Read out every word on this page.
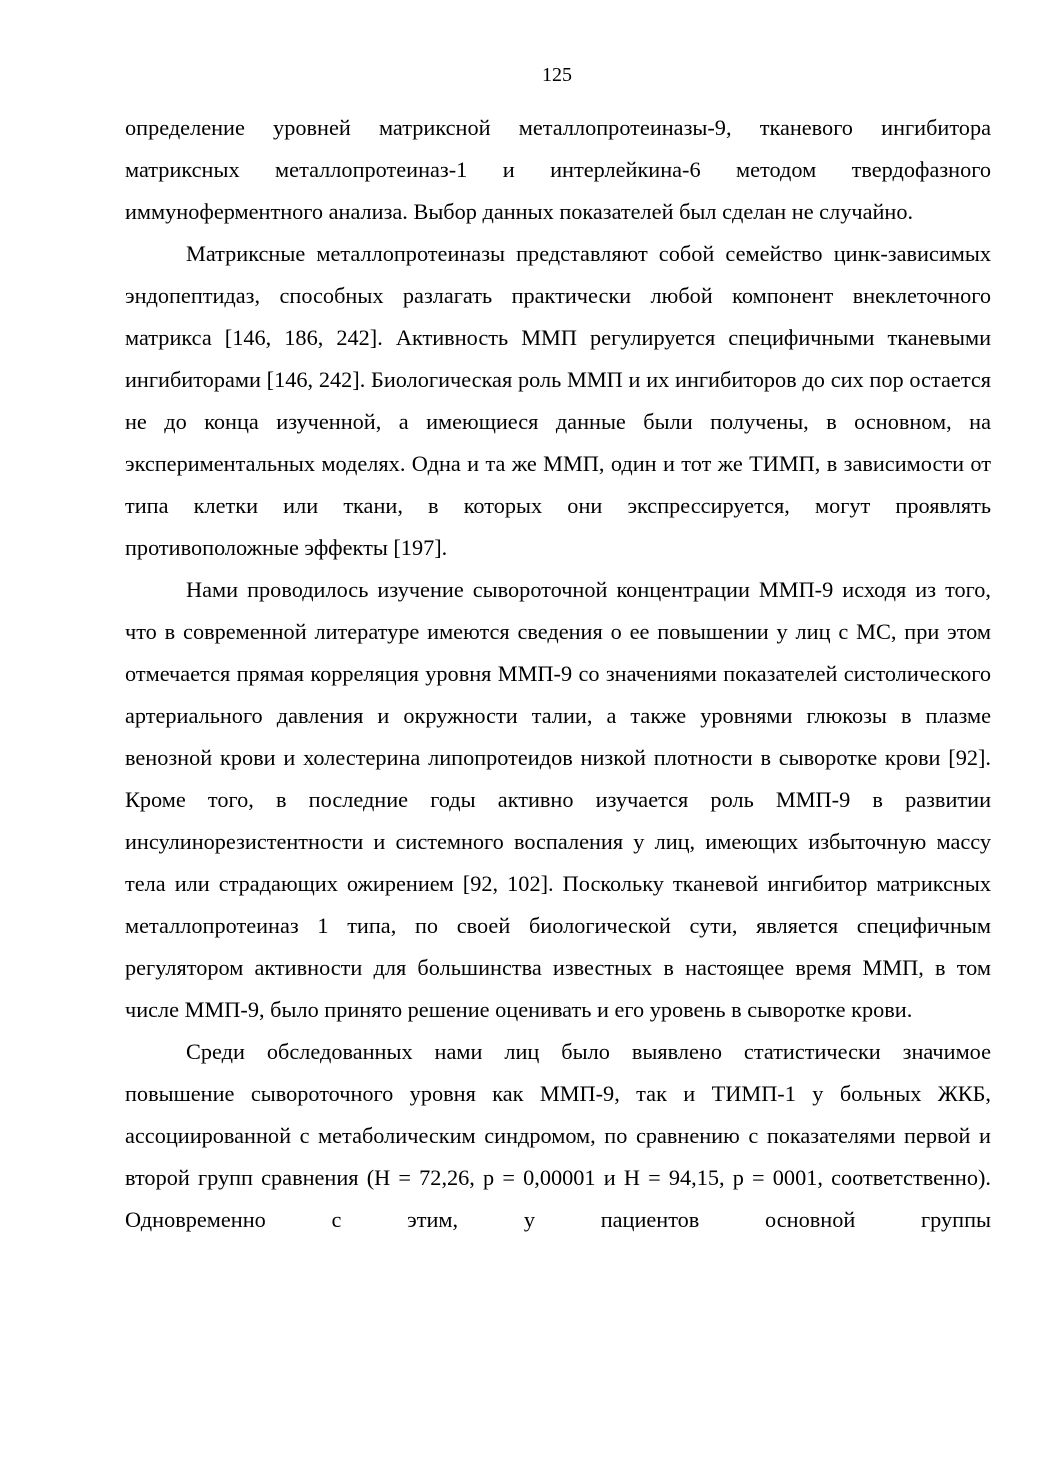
125

определение уровней матриксной металлопротеиназы-9, тканевого ингибитора матриксных металлопротеиназ-1 и интерлейкина-6 методом твердофазного иммуноферментного анализа. Выбор данных показателей был сделан не случайно.

Матриксные металлопротеиназы представляют собой семейство цинк-зависимых эндопептидаз, способных разлагать практически любой компонент внеклеточного матрикса [146, 186, 242]. Активность ММП регулируется специфичными тканевыми ингибиторами [146, 242]. Биологическая роль ММП и их ингибиторов до сих пор остается не до конца изученной, а имеющиеся данные были получены, в основном, на экспериментальных моделях. Одна и та же ММП, один и тот же ТИМП, в зависимости от типа клетки или ткани, в которых они экспрессируется, могут проявлять противоположные эффекты [197].

Нами проводилось изучение сывороточной концентрации ММП-9 исходя из того, что в современной литературе имеются сведения о ее повышении у лиц с МС, при этом отмечается прямая корреляция уровня ММП-9 со значениями показателей систолического артериального давления и окружности талии, а также уровнями глюкозы в плазме венозной крови и холестерина липопротеидов низкой плотности в сыворотке крови [92]. Кроме того, в последние годы активно изучается роль ММП-9 в развитии инсулинорезистентности и системного воспаления у лиц, имеющих избыточную массу тела или страдающих ожирением [92, 102]. Поскольку тканевой ингибитор матриксных металлопротеиназ 1 типа, по своей биологической сути, является специфичным регулятором активности для большинства известных в настоящее время ММП, в том числе ММП-9, было принято решение оценивать и его уровень в сыворотке крови.

Среди обследованных нами лиц было выявлено статистически значимое повышение сывороточного уровня как ММП-9, так и ТИМП-1 у больных ЖКБ, ассоциированной с метаболическим синдромом, по сравнению с показателями первой и второй групп сравнения (Н = 72,26, р = 0,00001 и Н = 94,15, р = 0001, соответственно). Одновременно с этим, у пациентов основной группы
